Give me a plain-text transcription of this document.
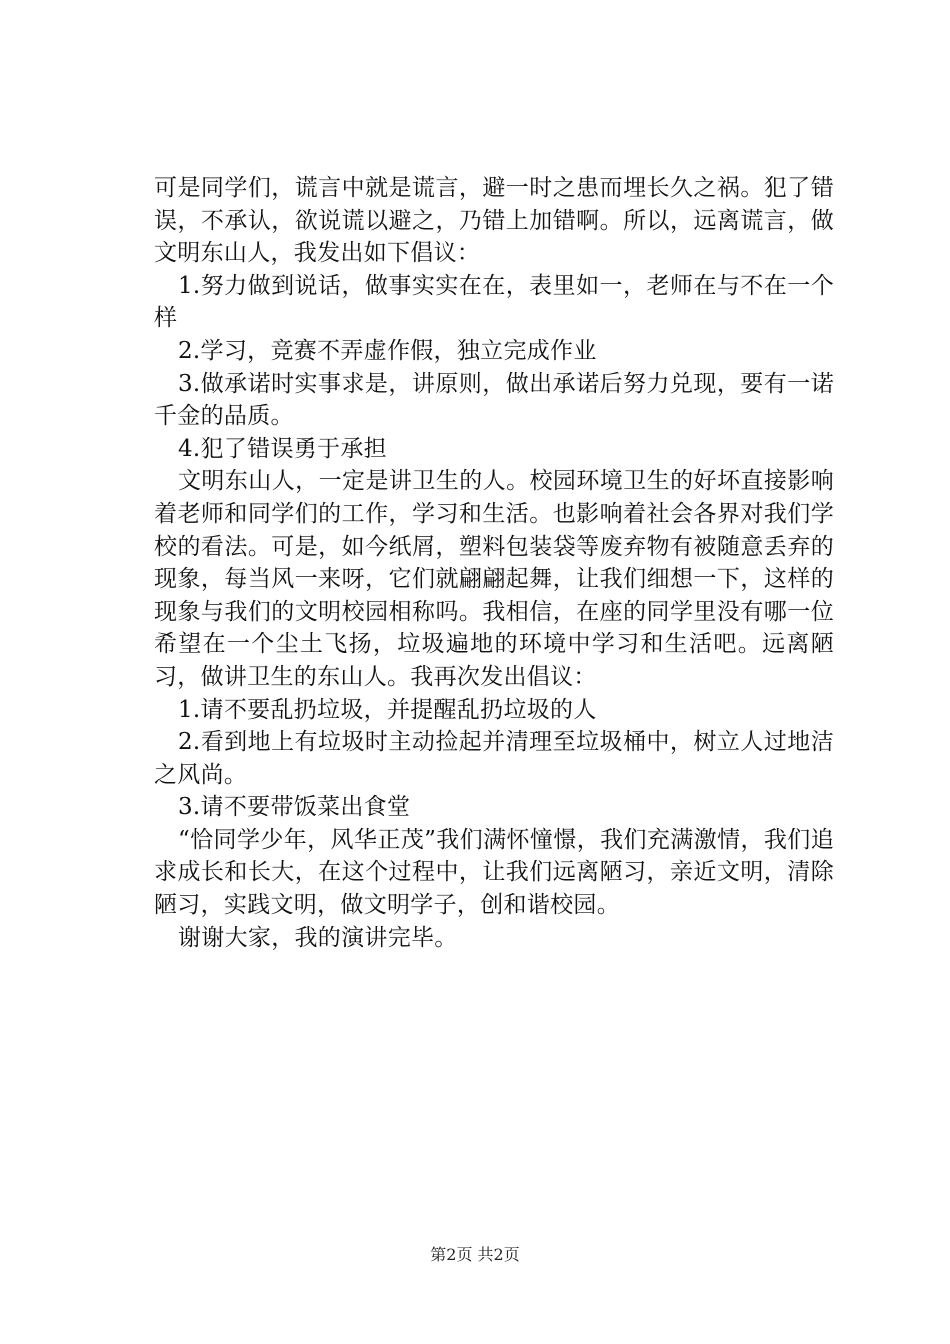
可是同学们，谎言中就是谎言，避一时之患而埋长久之祸。犯了错误，不承认，欲说谎以避之，乃错上加错啊。所以，远离谎言，做文明东山人，我发出如下倡议：

1.努力做到说话，做事实实在在，表里如一，老师在与不在一个样

2.学习，竞赛不弄虚作假，独立完成作业

3.做承诺时实事求是，讲原则，做出承诺后努力兑现，要有一诺千金的品质。

4.犯了错误勇于承担

文明东山人，一定是讲卫生的人。校园环境卫生的好坏直接影响着老师和同学们的工作，学习和生活。也影响着社会各界对我们学校的看法。可是，如今纸屑，塑料包装袋等废弃物有被随意丢弃的现象，每当风一来呀，它们就翩翩起舞，让我们细想一下，这样的现象与我们的文明校园相称吗。我相信，在座的同学里没有哪一位希望在一个尘土飞扬，垃圾遍地的环境中学习和生活吧。远离陋习，做讲卫生的东山人。我再次发出倡议：

1.请不要乱扔垃圾，并提醒乱扔垃圾的人

2.看到地上有垃圾时主动捡起并清理至垃圾桶中，树立人过地洁之风尚。

3.请不要带饭菜出食堂

“恰同学少年，风华正茂”我们满怀憧憬，我们充满激情，我们追求成长和长大，在这个过程中，让我们远离陋习，亲近文明，清除陋习，实践文明，做文明学子，创和谐校园。

谢谢大家，我的演讲完毕。

第2页 共2页
